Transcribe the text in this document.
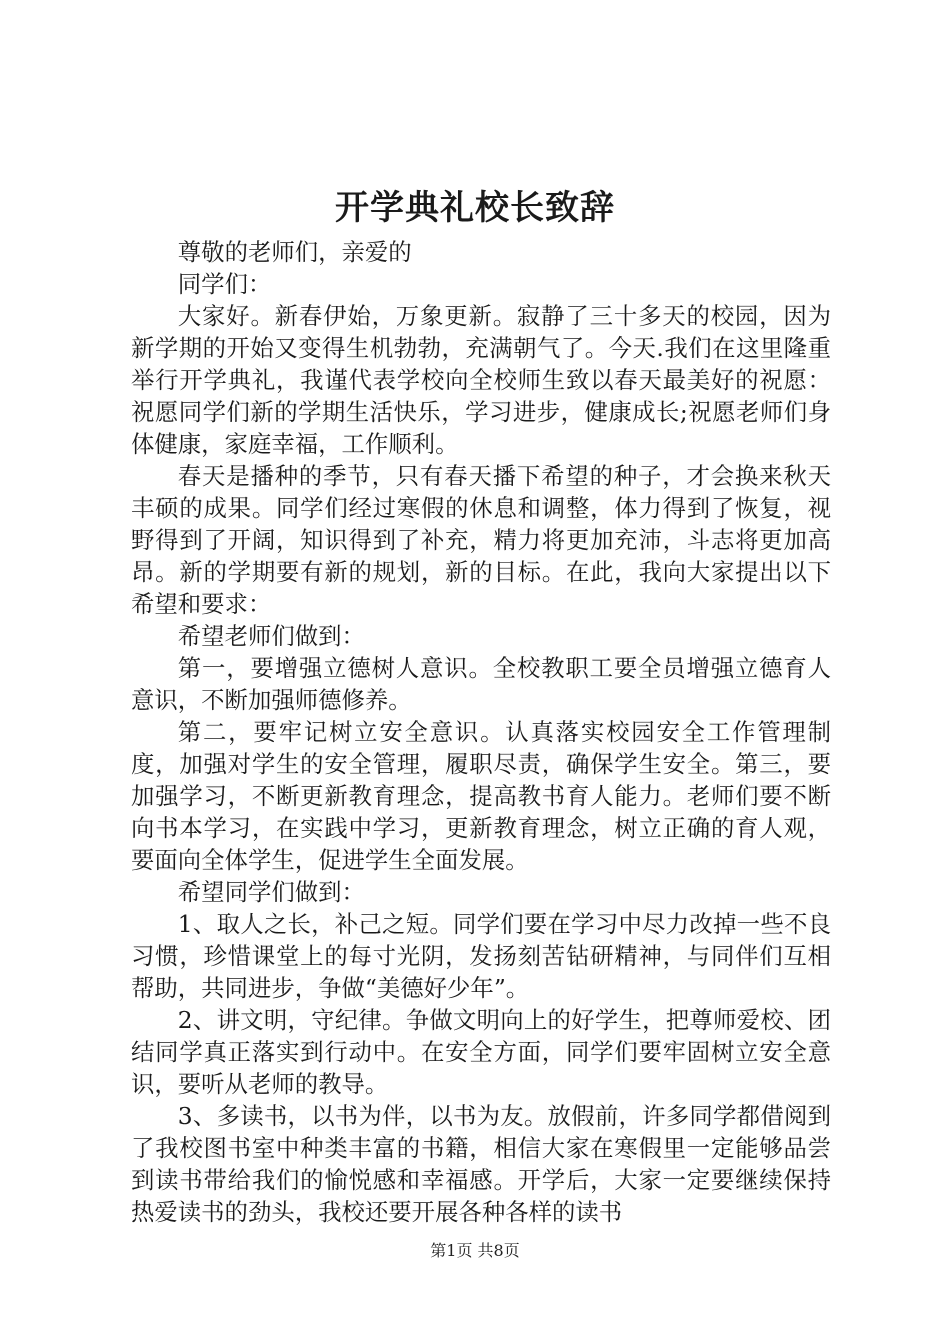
开学典礼校长致辞

尊敬的老师们，亲爱的

同学们：

大家好。新春伊始，万象更新。寂静了三十多天的校园，因为新学期的开始又变得生机勃勃，充满朝气了。今天.我们在这里隆重举行开学典礼，我谨代表学校向全校师生致以春天最美好的祝愿：祝愿同学们新的学期生活快乐，学习进步，健康成长;祝愿老师们身体健康，家庭幸福，工作顺利。

春天是播种的季节，只有春天播下希望的种子，才会换来秋天丰硕的成果。同学们经过寒假的休息和调整，体力得到了恢复，视野得到了开阔，知识得到了补充，精力将更加充沛，斗志将更加高昂。新的学期要有新的规划，新的目标。在此，我向大家提出以下希望和要求：

希望老师们做到：

第一，要增强立德树人意识。全校教职工要全员增强立德育人意识，不断加强师德修养。

第二，要牢记树立安全意识。认真落实校园安全工作管理制度，加强对学生的安全管理，履职尽责，确保学生安全。第三，要加强学习，不断更新教育理念，提高教书育人能力。老师们要不断向书本学习，在实践中学习，更新教育理念，树立正确的育人观，要面向全体学生，促进学生全面发展。

希望同学们做到：

1、取人之长，补己之短。同学们要在学习中尽力改掉一些不良习惯，珍惜课堂上的每寸光阴，发扬刻苦钻研精神，与同伴们互相帮助，共同进步，争做“美德好少年”。

2、讲文明，守纪律。争做文明向上的好学生，把尊师爱校、团结同学真正落实到行动中。在安全方面，同学们要牢固树立安全意识，要听从老师的教导。

3、多读书，以书为伴，以书为友。放假前，许多同学都借阅到了我校图书室中种类丰富的书籍，相信大家在寒假里一定能够品尝到读书带给我们的愉悦感和幸福感。开学后，大家一定要继续保持热爱读书的劲头，我校还要开展各种各样的读书

第1页 共8页
